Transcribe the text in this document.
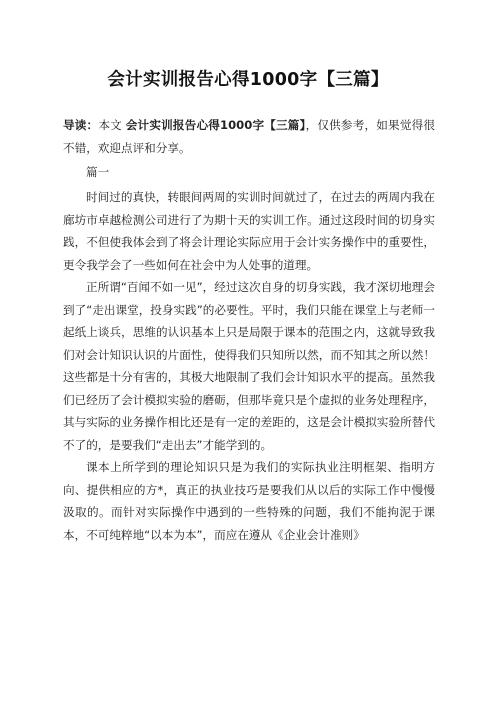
会计实训报告心得1000字【三篇】
导读：本文 会计实训报告心得1000字【三篇】，仅供参考，如果觉得很不错，欢迎点评和分享。
篇一

时间过的真快，转眼间两周的实训时间就过了，在过去的两周内我在廊坊市卓越检测公司进行了为期十天的实训工作。通过这段时间的切身实践，不但使我体会到了将会计理论实际应用于会计实务操作中的重要性，更令我学会了一些如何在社会中为人处事的道理。

正所谓“百闻不如一见”，经过这次自身的切身实践，我才深切地理会到了“走出课堂，投身实践”的必要性。平时，我们只能在课堂上与老师一起纸上谈兵，思维的认识基本上只是局限于课本的范围之内，这就导致我们对会计知识认识的片面性，使得我们只知所以然，而不知其之所以然！这些都是十分有害的，其极大地限制了我们会计知识水平的提高。虽然我们已经历了会计模拟实验的磨砺，但那毕竟只是个虚拟的业务处理程序，其与实际的业务操作相比还是有一定的差距的，这是会计模拟实验所替代不了的，是要我们“走出去”才能学到的。

课本上所学到的理论知识只是为我们的实际执业注明框架、指明方向、提供相应的方*，真正的执业技巧是要我们从以后的实际工作中慢慢汲取的。而针对实际操作中遇到的一些特殊的问题，我们不能拘泥于课本，不可纯粹地“以本为本”，而应在遵从《企业会计准则》
